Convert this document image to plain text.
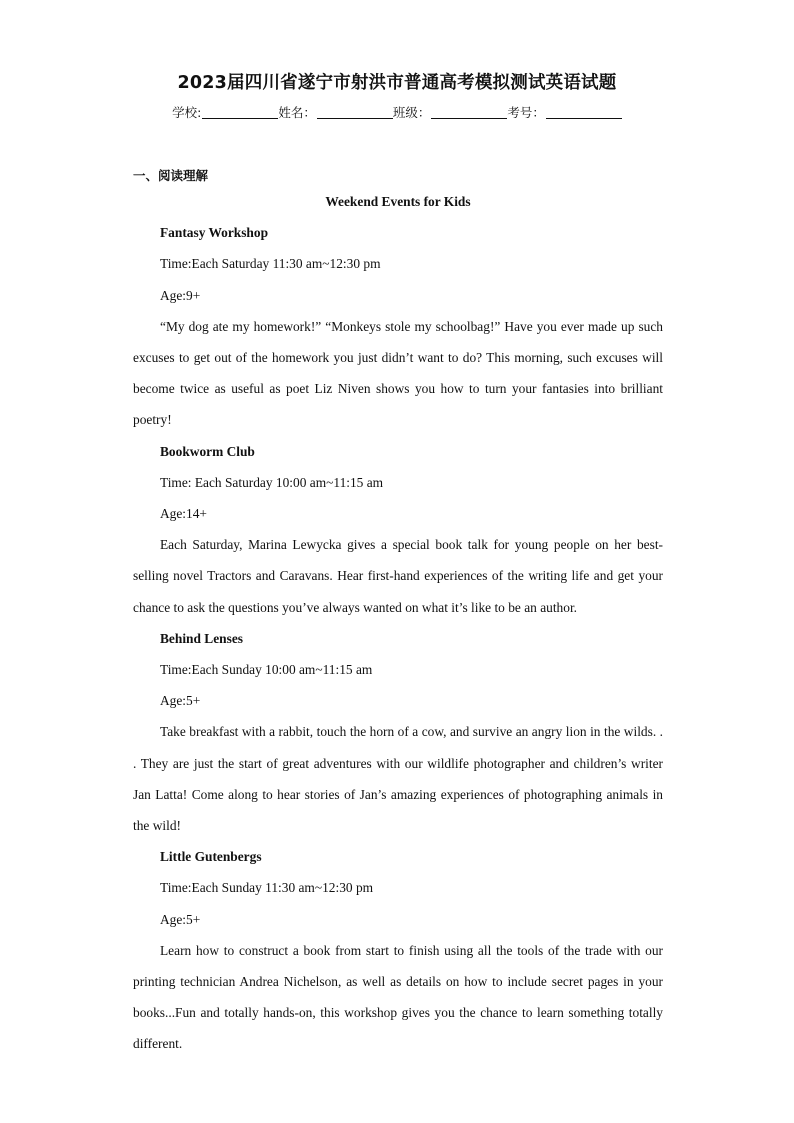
2023届四川省遂宁市射洪市普通高考模拟测试英语试题
学校:	姓名：	班级：	考号：
一、阅读理解

Weekend Events for Kids

Fantasy Workshop

Time:Each Saturday 11:30 am~12:30 pm

Age:9+

“My dog ate my homework!” “Monkeys stole my schoolbag!” Have you ever made up such excuses to get out of the homework you just didn’t want to do? This morning, such excuses will become twice as useful as poet Liz Niven shows you how to turn your fantasies into brilliant poetry!

Bookworm Club

Time: Each Saturday 10:00 am~11:15 am

Age:14+

Each Saturday, Marina Lewycka gives a special book talk for young people on her best-selling novel Tractors and Caravans. Hear first-hand experiences of the writing life and get your chance to ask the questions you’ve always wanted on what it’s like to be an author.

Behind Lenses

Time:Each Sunday 10:00 am~11:15 am

Age:5+

Take breakfast with a rabbit, touch the horn of a cow, and survive an angry lion in the wilds. . . They are just the start of great adventures with our wildlife photographer and children’s writer Jan Latta! Come along to hear stories of Jan’s amazing experiences of photographing animals in the wild!

Little Gutenbergs

Time:Each Sunday 11:30 am~12:30 pm

Age:5+

Learn how to construct a book from start to finish using all the tools of the trade with our printing technician Andrea Nichelson, as well as details on how to include secret pages in your books...Fun and totally hands-on, this workshop gives you the chance to learn something totally different.
